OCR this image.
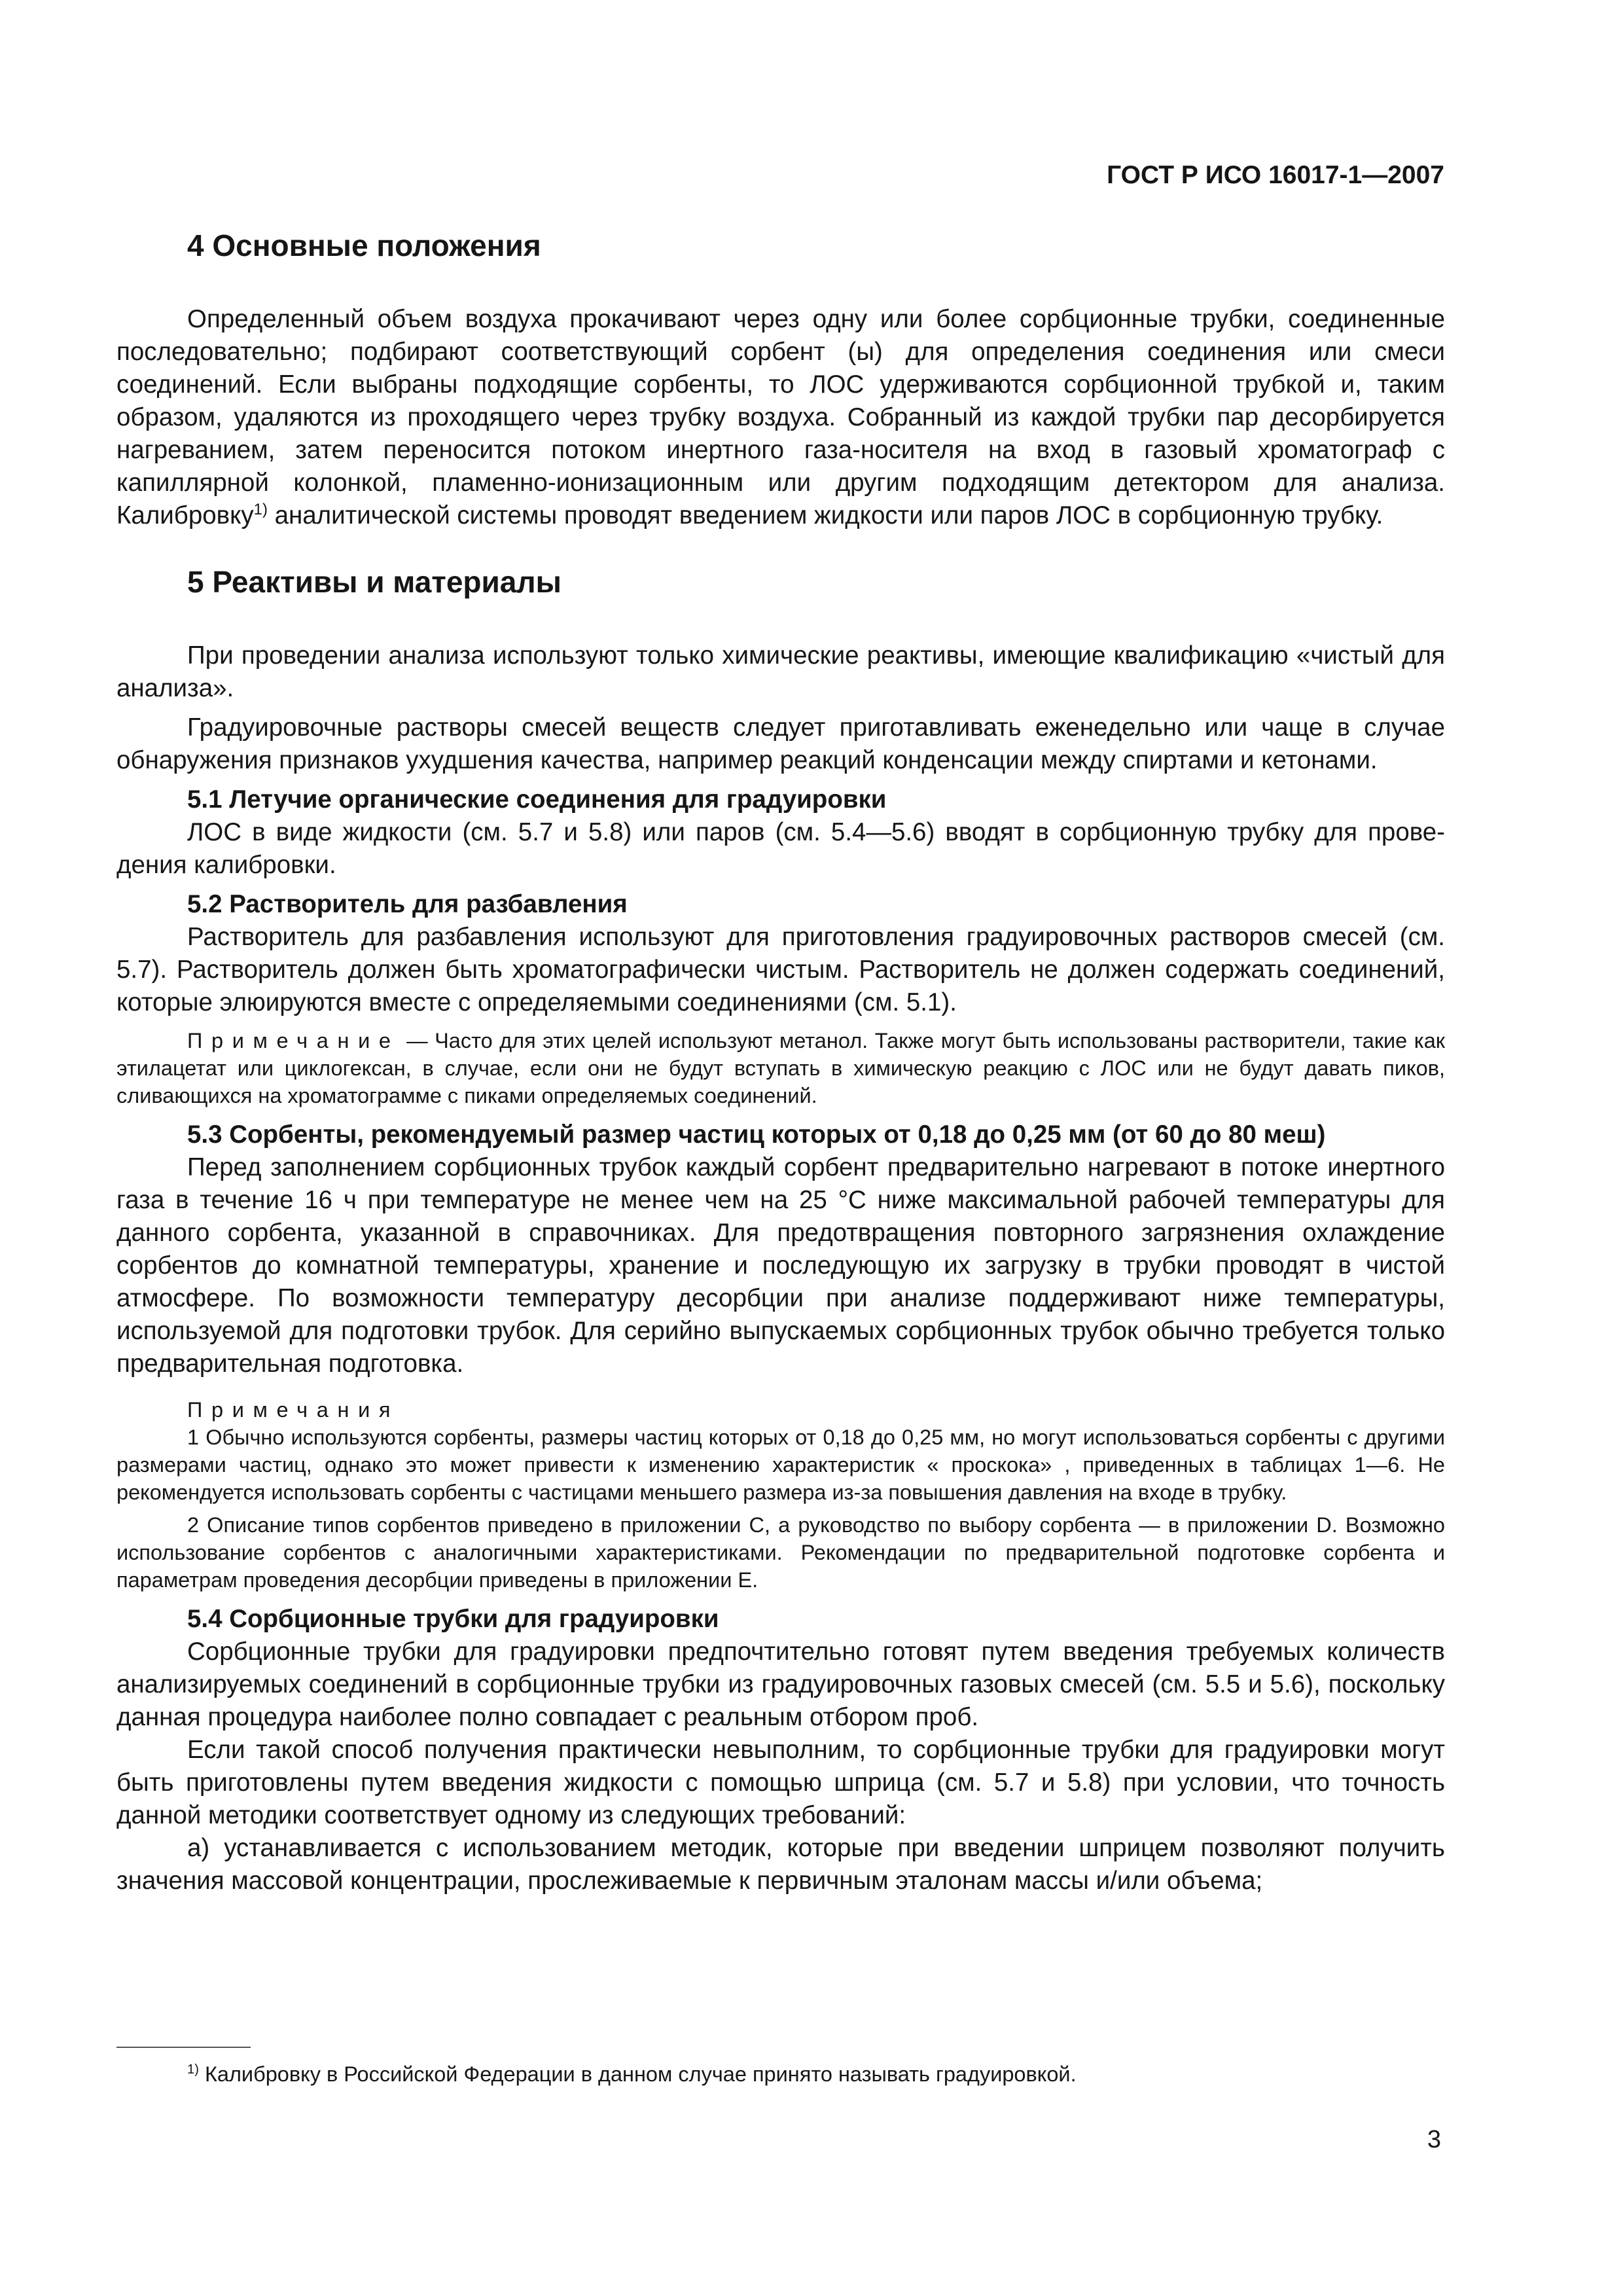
ГОСТ Р ИСО 16017-1—2007
4 Основные положения

Определенный объем воздуха прокачивают через одну или более сорбционные трубки, соединенные последовательно; подбирают соответствующий сорбент (ы) для определения соединения или смеси соединений. Если выбраны подходящие сорбенты, то ЛОС удерживаются сорбционной трубкой и, таким образом, удаляются из проходящего через трубку воздуха. Собранный из каждой трубки пар десорбируется нагреванием, затем переносится потоком инертного газа-носителя на вход в газовый хроматограф с капиллярной колонкой, пламенно-ионизационным или другим подходящим детектором для анализа. Калибровку$^{1)}$ аналитической системы проводят введением жидкости или паров ЛОС в сорбционную трубку.

5 Реактивы и материалы

При проведении анализа используют только химические реактивы, имеющие квалификацию «чистый для анализа».

Градуировочные растворы смесей веществ следует приготавливать еженедельно или чаще в случае обнаружения признаков ухудшения качества, например реакций конденсации между спиртами и кетонами.

5.1 Летучие органические соединения для градуировки

ЛОС в виде жидкости (см. 5.7 и 5.8) или паров (см. 5.4—5.6) вводят в сорбционную трубку для проведения калибровки.

5.2 Растворитель для разбавления

Растворитель для разбавления используют для приготовления градуировочных растворов смесей (см. 5.7). Растворитель должен быть хроматографически чистым. Растворитель не должен содержать соединений, которые элюируются вместе с определяемыми соединениями (см. 5.1).

Примечание — Часто для этих целей используют метанол. Также могут быть использованы растворители, такие как этилацетат или циклогексан, в случае, если они не будут вступать в химическую реакцию с ЛОС или не будут давать пиков, сливающихся на хроматограмме с пиками определяемых соединений.

5.3 Сорбенты, рекомендуемый размер частиц которых от 0,18 до 0,25 мм (от 60 до 80 меш)

Перед заполнением сорбционных трубок каждый сорбент предварительно нагревают в потоке инертного газа в течение 16 ч при температуре не менее чем на 25 °С ниже максимальной рабочей температуры для данного сорбента, указанной в справочниках. Для предотвращения повторного загрязнения охлаждение сорбентов до комнатной температуры, хранение и последующую их загрузку в трубки проводят в чистой атмосфере. По возможности температуру десорбции при анализе поддерживают ниже температуры, используемой для подготовки трубок. Для серийно выпускаемых сорбционных трубок обычно требуется только предварительная подготовка.

Примечания

1 Обычно используются сорбенты, размеры частиц которых от 0,18 до 0,25 мм, но могут использоваться сорбенты с другими размерами частиц, однако это может привести к изменению характеристик « проскока» , приведенных в таблицах 1—6. Не рекомендуется использовать сорбенты с частицами меньшего размера из-за повышения давления на входе в трубку.

2 Описание типов сорбентов приведено в приложении С, а руководство по выбору сорбента — в приложении D. Возможно использование сорбентов с аналогичными характеристиками. Рекомендации по предварительной подготовке сорбента и параметрам проведения десорбции приведены в приложении Е.

5.4 Сорбционные трубки для градуировки

Сорбционные трубки для градуировки предпочтительно готовят путем введения требуемых количеств анализируемых соединений в сорбционные трубки из градуировочных газовых смесей (см. 5.5 и 5.6), поскольку данная процедура наиболее полно совпадает с реальным отбором проб.

Если такой способ получения практически невыполним, то сорбционные трубки для градуировки могут быть приготовлены путем введения жидкости с помощью шприца (см. 5.7 и 5.8) при условии, что точность данной методики соответствует одному из следующих требований:

а) устанавливается с использованием методик, которые при введении шприцем позволяют получить значения массовой концентрации, прослеживаемые к первичным эталонам массы и/или объема;

$^{1)}$ Калибровку в Российской Федерации в данном случае принято называть градуировкой.
3
